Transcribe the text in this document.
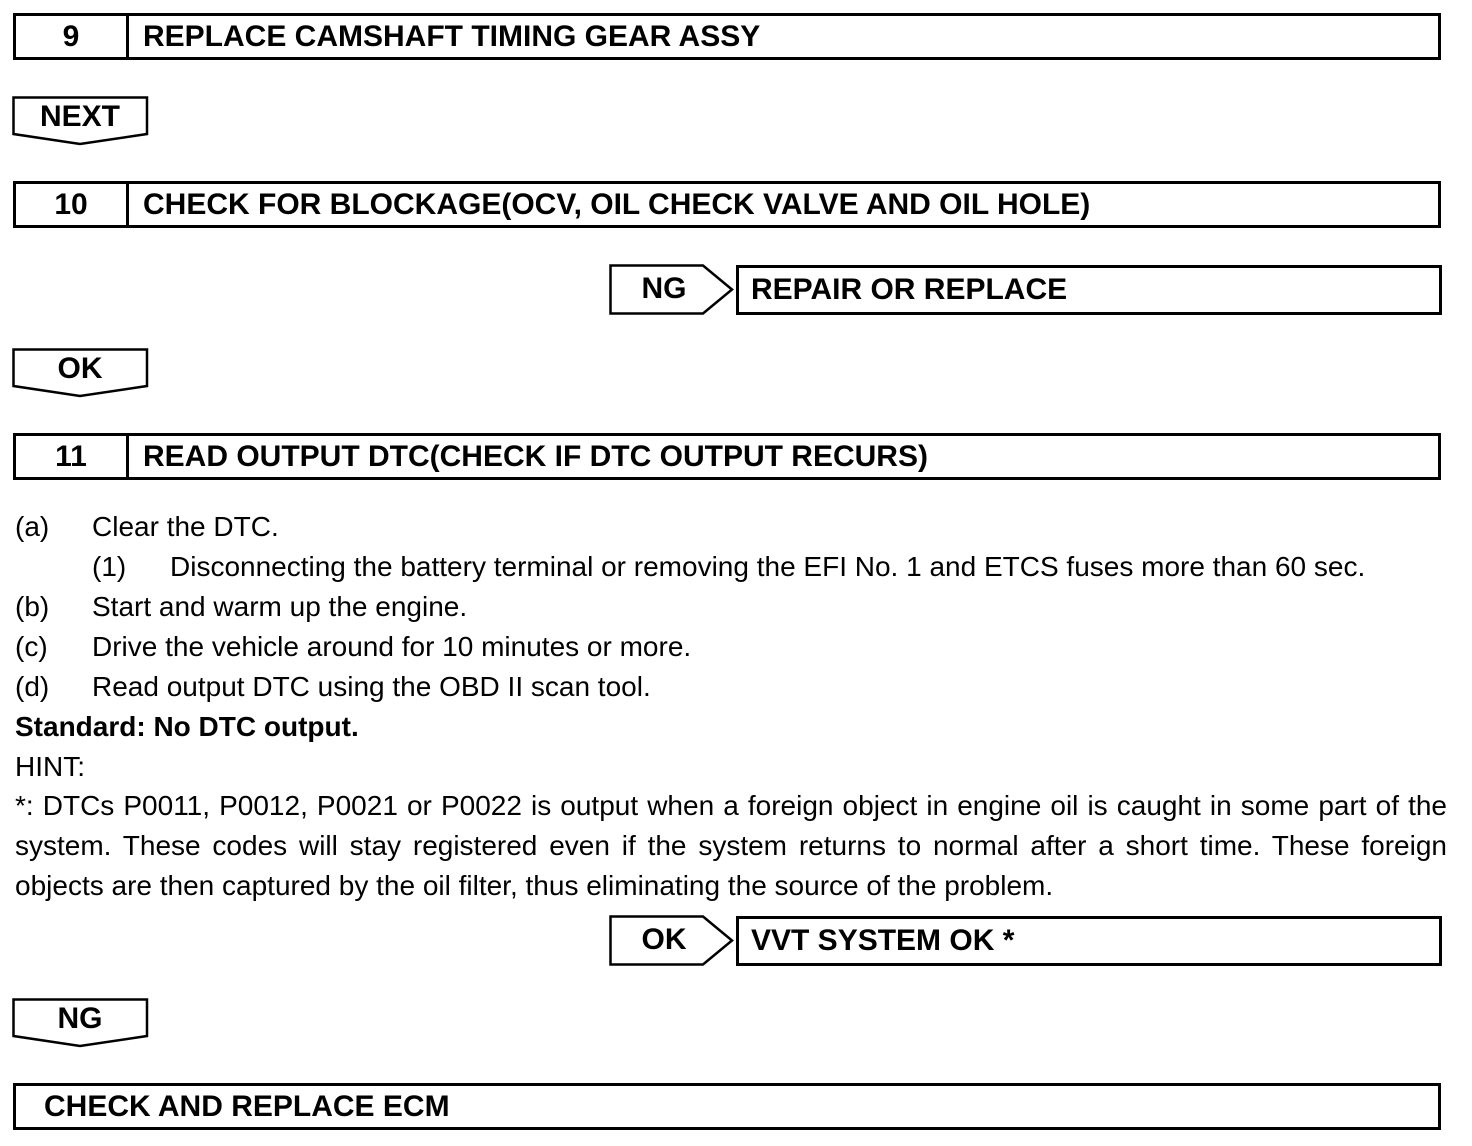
9	REPLACE CAMSHAFT TIMING GEAR ASSY
NEXT
10	CHECK FOR BLOCKAGE(OCV, OIL CHECK VALVE AND OIL HOLE)
NG	REPAIR OR REPLACE
OK
11	READ OUTPUT DTC(CHECK IF DTC OUTPUT RECURS)
(a) Clear the DTC.
(1) Disconnecting the battery terminal or removing the EFI No. 1 and ETCS fuses more than 60 sec.
(b) Start and warm up the engine.
(c) Drive the vehicle around for 10 minutes or more.
(d) Read output DTC using the OBD II scan tool.
Standard: No DTC output.
HINT:
*: DTCs P0011, P0012, P0021 or P0022 is output when a foreign object in engine oil is caught in some part of the system. These codes will stay registered even if the system returns to normal after a short time. These foreign objects are then captured by the oil filter, thus eliminating the source of the problem.
OK	VVT SYSTEM OK *
NG
CHECK AND REPLACE ECM
